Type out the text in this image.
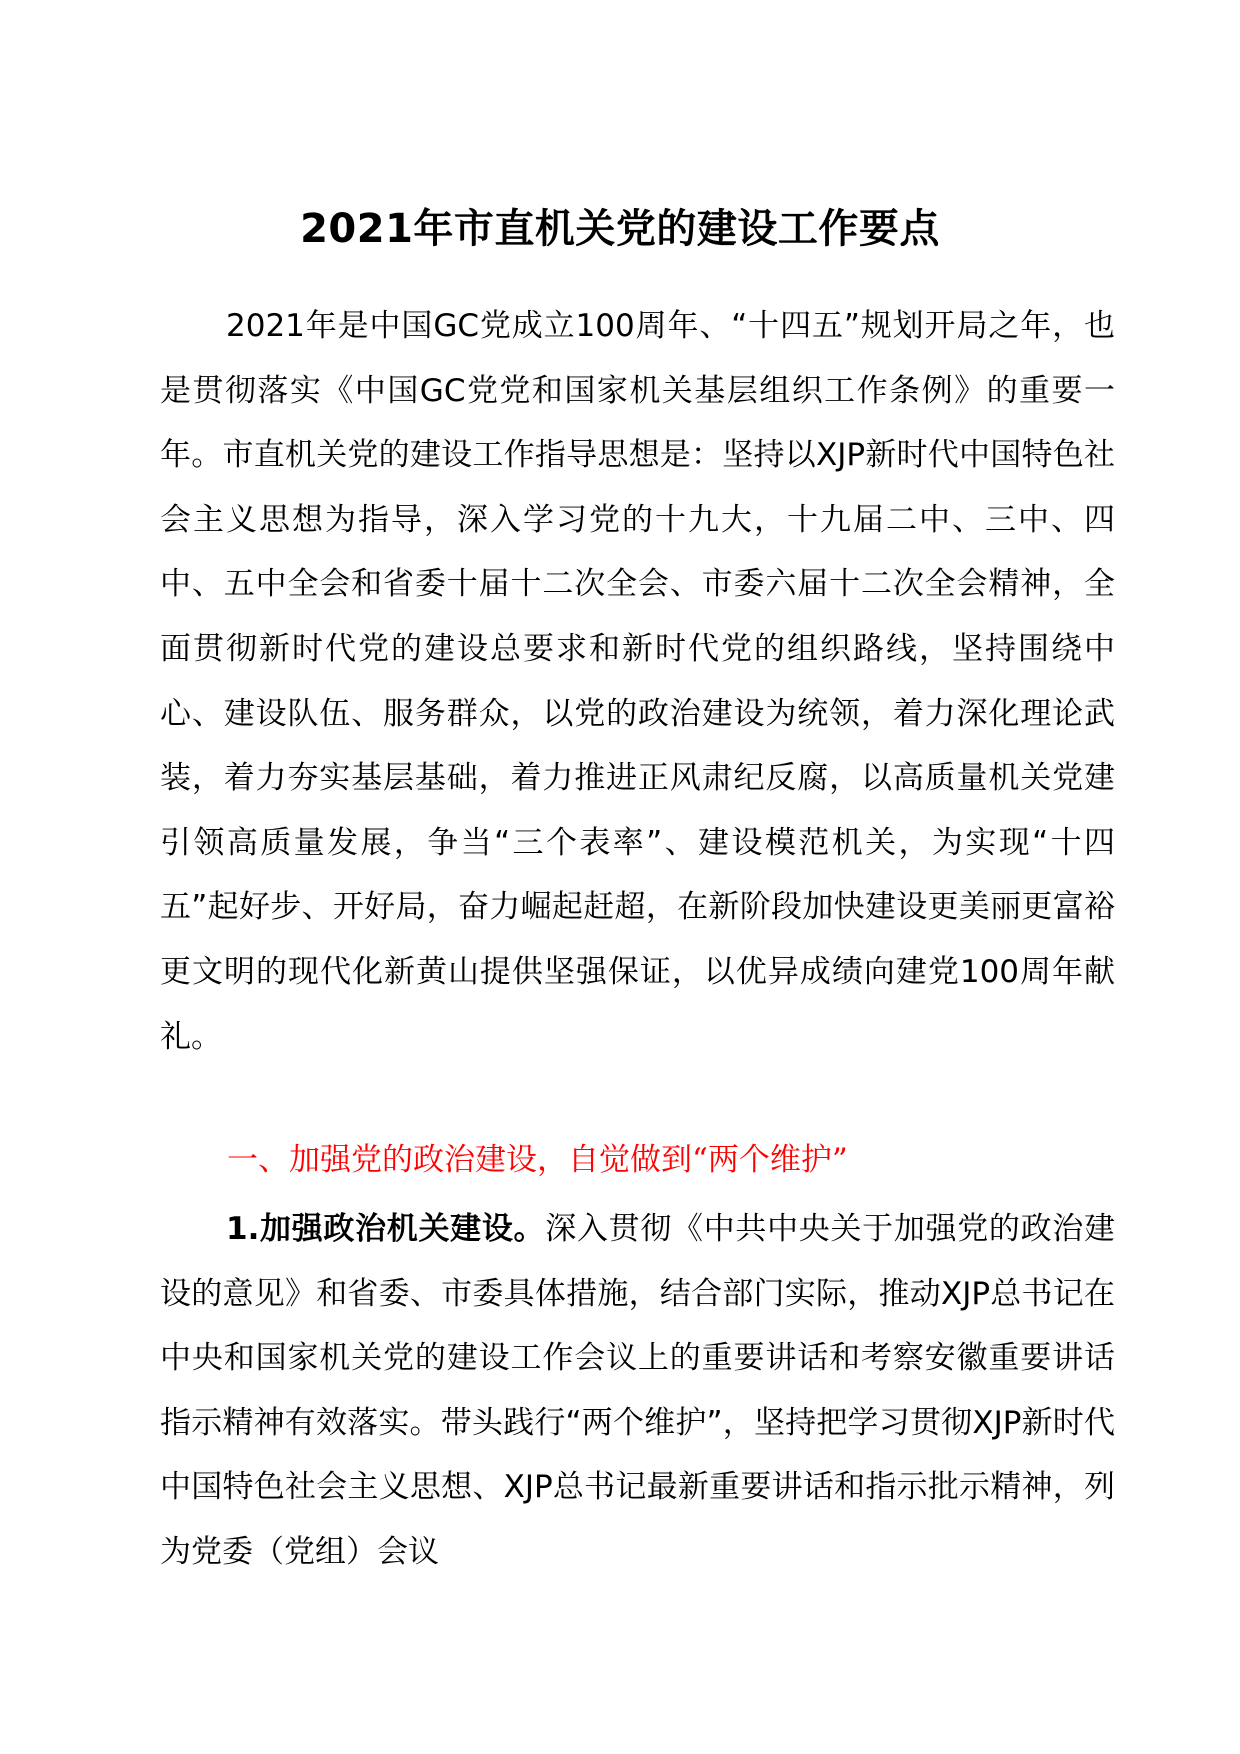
2021年市直机关党的建设工作要点

2021年是中国GC党成立100周年、“十四五”规划开局之年，也是贯彻落实《中国GC党党和国家机关基层组织工作条例》的重要一年。市直机关党的建设工作指导思想是：坚持以XJP新时代中国特色社会主义思想为指导，深入学习党的十九大，十九届二中、三中、四中、五中全会和省委十届十二次全会、市委六届十二次全会精神，全面贯彻新时代党的建设总要求和新时代党的组织路线，坚持围绕中心、建设队伍、服务群众，以党的政治建设为统领，着力深化理论武装，着力夯实基层基础，着力推进正风肃纪反腐，以高质量机关党建引领高质量发展，争当“三个表率”、建设模范机关，为实现“十四五”起好步、开好局，奋力崛起赶超，在新阶段加快建设更美丽更富裕更文明的现代化新黄山提供坚强保证，以优异成绩向建党100周年献礼。

一、加强党的政治建设，自觉做到“两个维护”

1.加强政治机关建设。深入贯彻《中共中央关于加强党的政治建设的意见》和省委、市委具体措施，结合部门实际，推动XJP总书记在中央和国家机关党的建设工作会议上的重要讲话和考察安徽重要讲话指示精神有效落实。带头践行“两个维护”，坚持把学习贯彻XJP新时代中国特色社会主义思想、XJP总书记最新重要讲话和指示批示精神，列为党委（党组）会议
